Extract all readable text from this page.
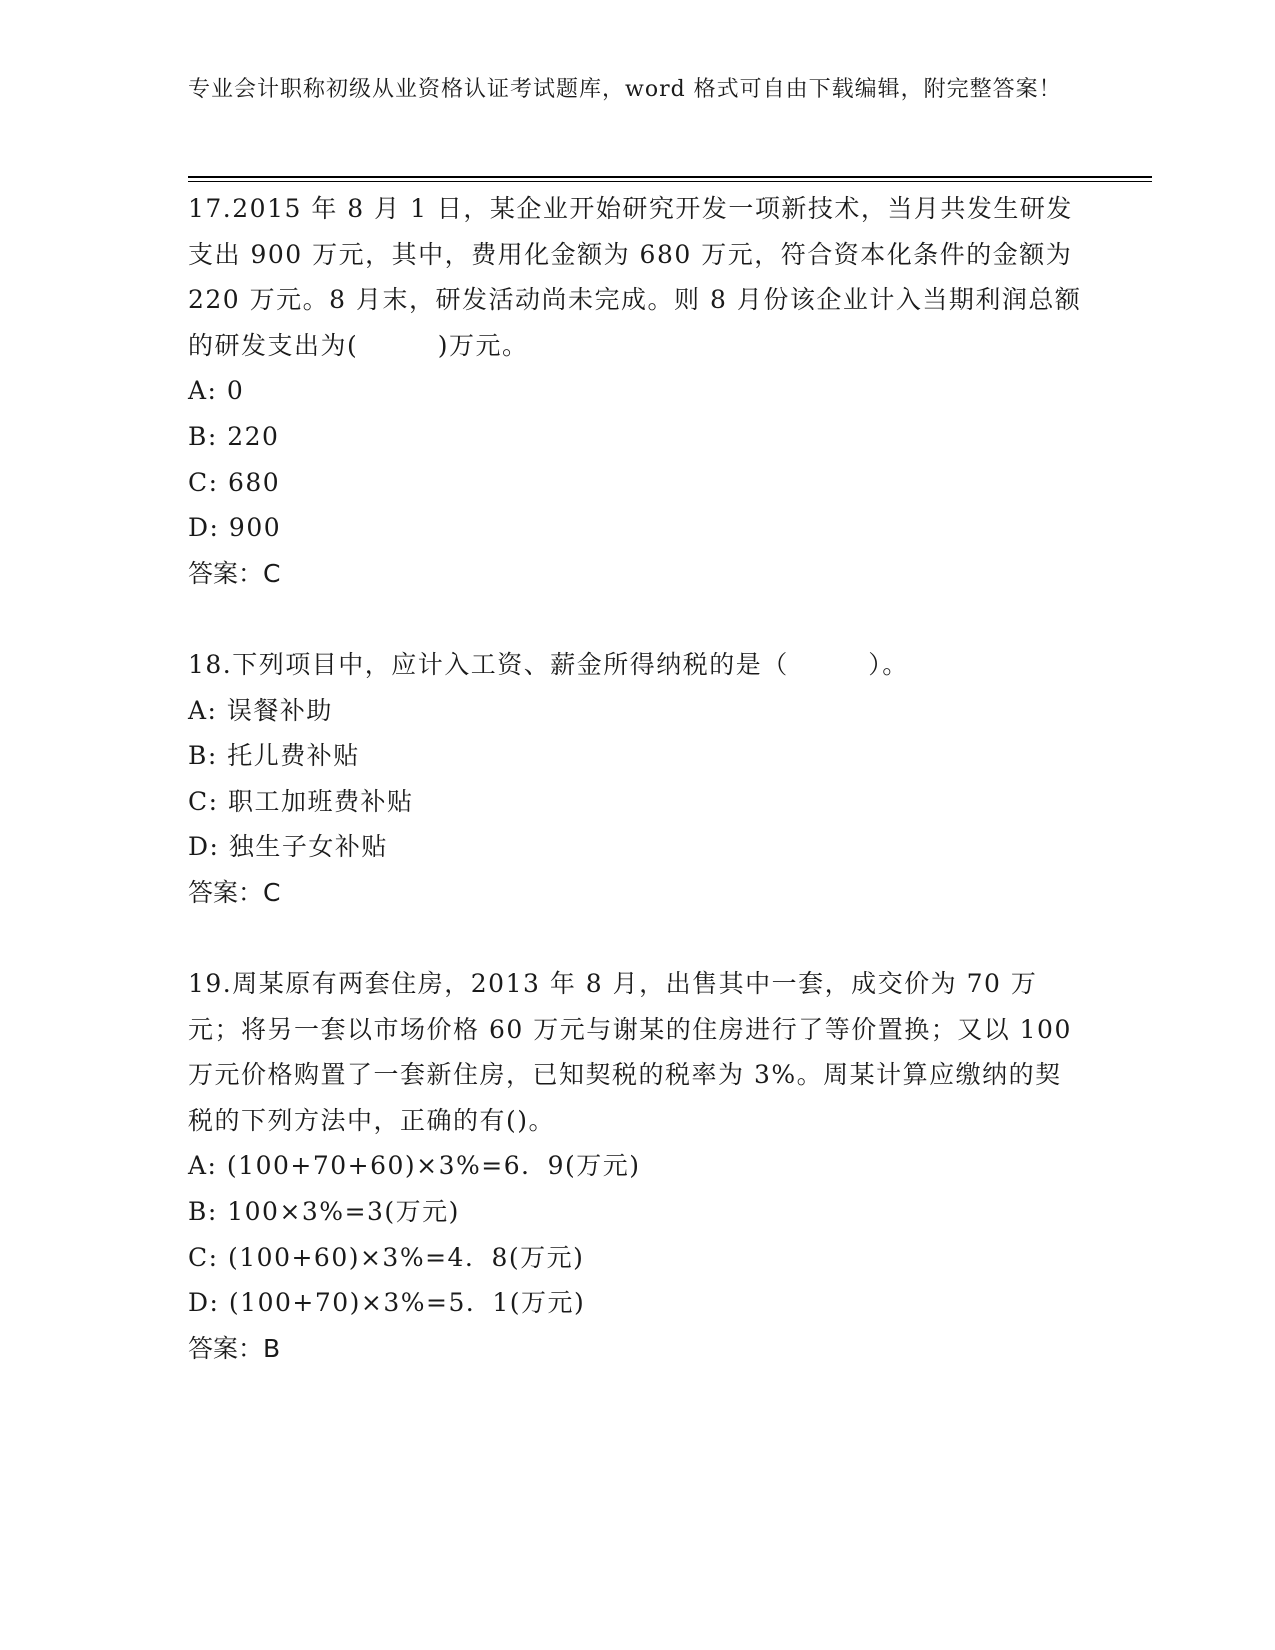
专业会计职称初级从业资格认证考试题库，word 格式可自由下载编辑，附完整答案！

17.2015 年 8 月 1 日，某企业开始研究开发一项新技术，当月共发生研发支出 900 万元，其中，费用化金额为 680 万元，符合资本化条件的金额为 220 万元。8 月末，研发活动尚未完成。则 8 月份该企业计入当期利润总额的研发支出为(　　　)万元。

A: 0

B: 220

C: 680

D: 900

答案：C

18.下列项目中，应计入工资、薪金所得纳税的是（　　　）。

A: 误餐补助

B: 托儿费补贴

C: 职工加班费补贴

D: 独生子女补贴

答案：C

19.周某原有两套住房，2013 年 8 月，出售其中一套，成交价为 70 万元；将另一套以市场价格 60 万元与谢某的住房进行了等价置换；又以 100 万元价格购置了一套新住房，已知契税的税率为 3%。周某计算应缴纳的契税的下列方法中，正确的有()。

A: (100+70+60)×3%=6．9(万元)

B: 100×3%=3(万元)

C: (100+60)×3%=4．8(万元)

D: (100+70)×3%=5．1(万元)

答案：B
